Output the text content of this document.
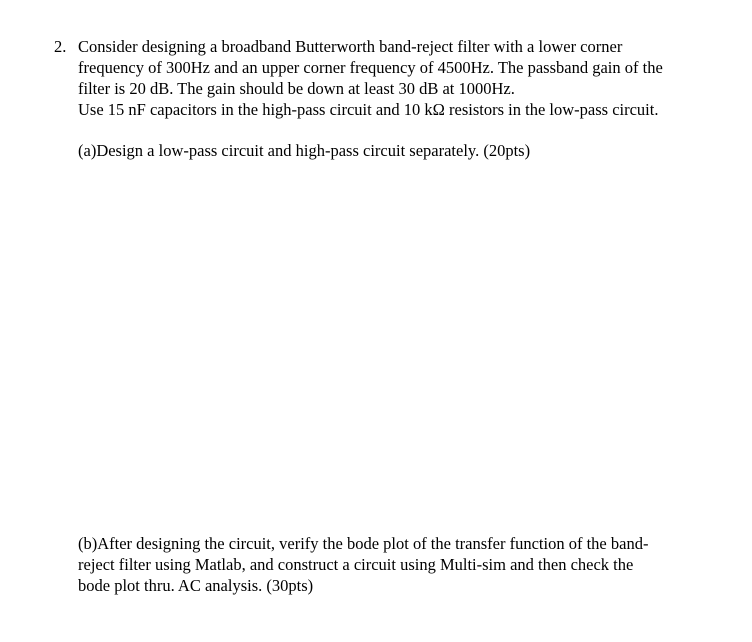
2. Consider designing a broadband Butterworth band-reject filter with a lower corner
frequency of 300Hz and an upper corner frequency of 4500Hz. The passband gain of the
filter is 20 dB. The gain should be down at least 30 dB at 1000Hz.
Use 15 nF capacitors in the high-pass circuit and 10 kΩ resistors in the low-pass circuit.
(a)Design a low-pass circuit and high-pass circuit separately. (20pts)
(b)After designing the circuit, verify the bode plot of the transfer function of the band-
reject filter using Matlab, and construct a circuit using Multi-sim and then check the
bode plot thru. AC analysis. (30pts)
